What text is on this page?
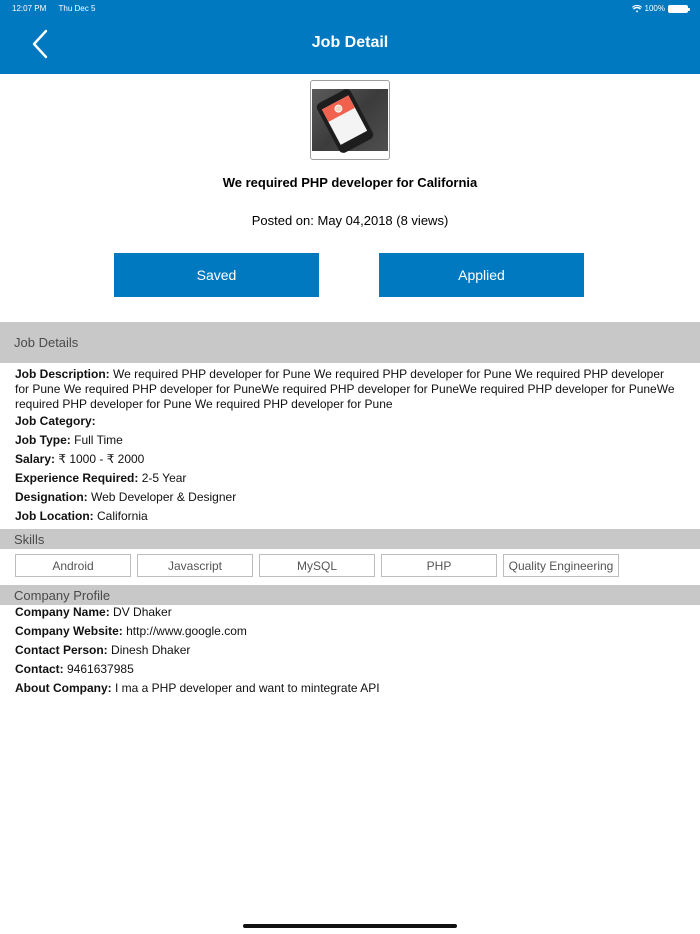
12:07 PM Thu Dec 5	100%
Job Detail
We required PHP developer for California
Posted on: May 04,2018 (8 views)
Saved	Applied
Job Details
Job Description: We required PHP developer for Pune We required PHP developer for Pune We required PHP developer for Pune We required PHP developer for PuneWe required PHP developer for PuneWe required PHP developer for PuneWe required PHP developer for Pune We required PHP developer for Pune
Job Category:
Job Type: Full Time
Salary: ₹ 1000 - ₹ 2000
Experience Required: 2-5 Year
Designation: Web Developer & Designer
Job Location: California
Skills
Android	Javascript	MySQL	PHP	Quality Engineering
Company Profile
Company Name: DV Dhaker
Company Website: http://www.google.com
Contact Person: Dinesh Dhaker
Contact: 9461637985
About Company: I ma a PHP developer and want to mintegrate API
